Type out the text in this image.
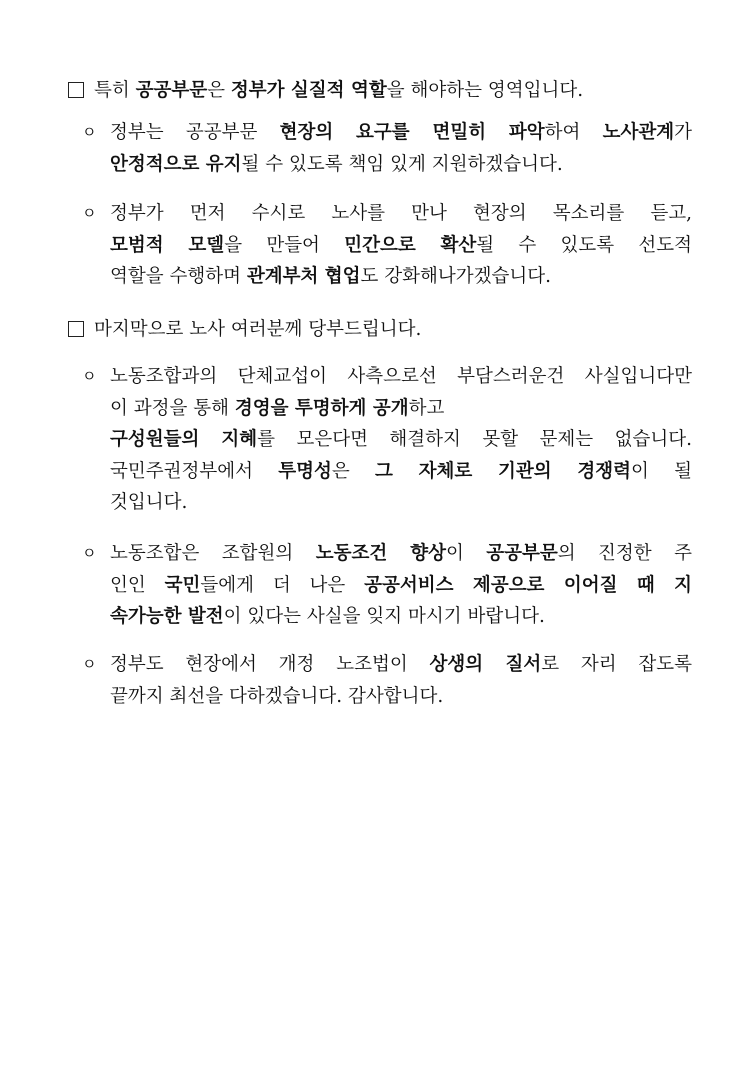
특히 공공부문은 정부가 실질적 역할을 해야하는 영역입니다.
ㅇ 정부는 공공부문 현장의 요구를 면밀히 파악하여 노사관계가
안정적으로 유지될 수 있도록 책임 있게 지원하겠습니다.
ㅇ 정부가 먼저 수시로 노사를 만나 현장의 목소리를 듣고,
모범적 모델을 만들어 민간으로 확산될 수 있도록 선도적
역할을 수행하며 관계부처 협업도 강화해나가겠습니다.
마지막으로 노사 여러분께 당부드립니다.
ㅇ 노동조합과의 단체교섭이 사측으로선 부담스러운건 사실입니다만
이 과정을 통해 경영을 투명하게 공개하고
구성원들의 지혜를 모은다면 해결하지 못할 문제는 없습니다.
국민주권정부에서 투명성은 그 자체로 기관의 경쟁력이 될
것입니다.
ㅇ 노동조합은 조합원의 노동조건 향상이 공공부문의 진정한 주
인인 국민들에게 더 나은 공공서비스 제공으로 이어질 때 지
속가능한 발전이 있다는 사실을 잊지 마시기 바랍니다.
ㅇ 정부도 현장에서 개정 노조법이 상생의 질서로 자리 잡도록
끝까지 최선을 다하겠습니다. 감사합니다.
